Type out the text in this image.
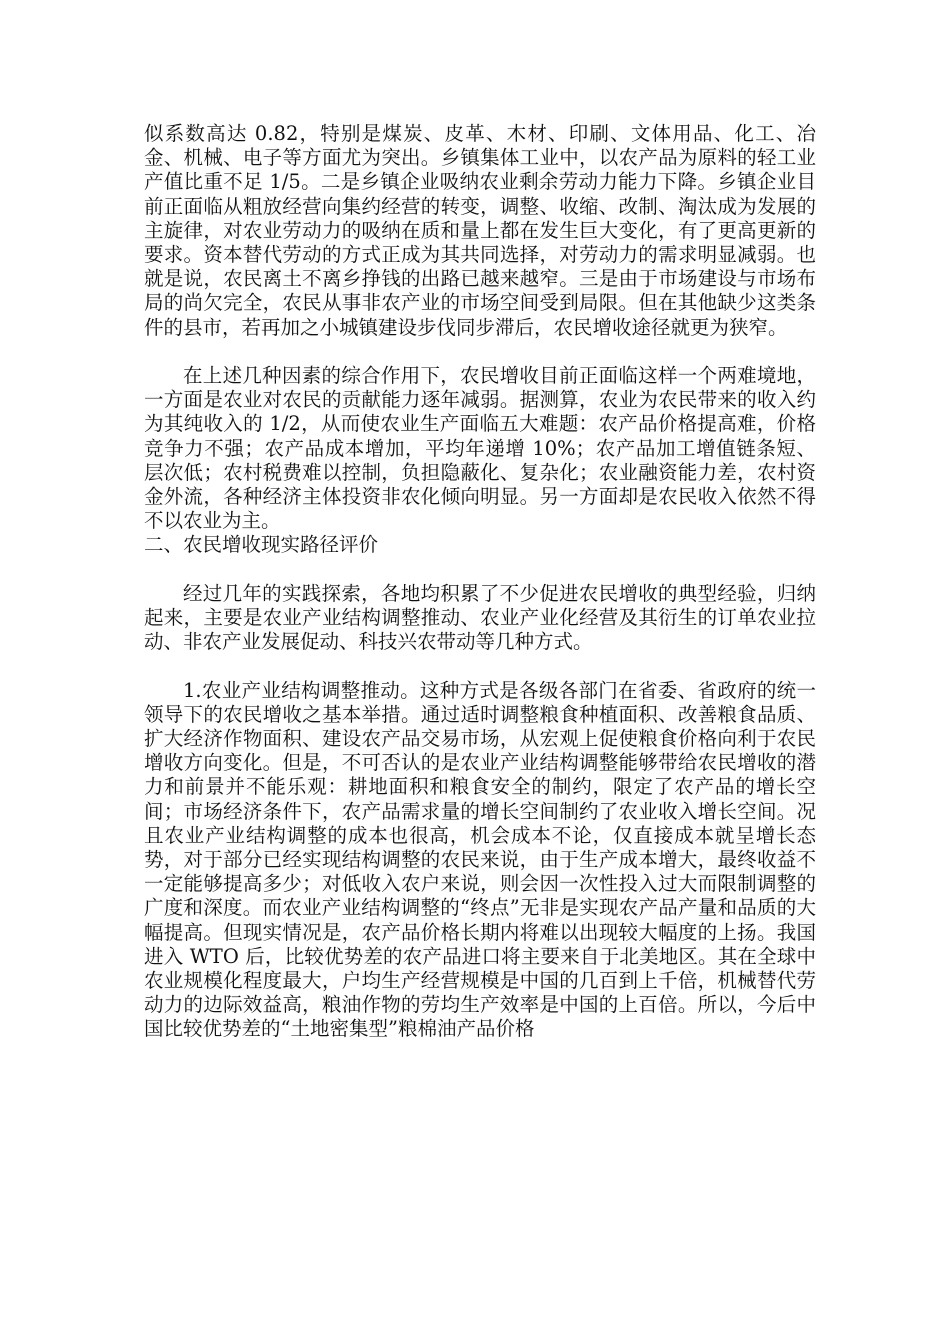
似系数高达 0.82，特别是煤炭、皮革、木材、印刷、文体用品、化工、冶金、机械、电子等方面尤为突出。乡镇集体工业中，以农产品为原料的轻工业产值比重不足 1/5。二是乡镇企业吸纳农业剩余劳动力能力下降。乡镇企业目前正面临从粗放经营向集约经营的转变，调整、收缩、改制、淘汰成为发展的主旋律，对农业劳动力的吸纳在质和量上都在发生巨大变化，有了更高更新的要求。资本替代劳动的方式正成为其共同选择，对劳动力的需求明显减弱。也就是说，农民离土不离乡挣钱的出路已越来越窄。三是由于市场建设与市场布局的尚欠完全，农民从事非农产业的市场空间受到局限。但在其他缺少这类条件的县市，若再加之小城镇建设步伐同步滞后，农民增收途径就更为狭窄。

在上述几种因素的综合作用下，农民增收目前正面临这样一个两难境地，一方面是农业对农民的贡献能力逐年减弱。据测算，农业为农民带来的收入约为其纯收入的 1/2，从而使农业生产面临五大难题：农产品价格提高难，价格竞争力不强；农产品成本增加，平均年递增 10%；农产品加工增值链条短、层次低；农村税费难以控制，负担隐蔽化、复杂化；农业融资能力差，农村资金外流，各种经济主体投资非农化倾向明显。另一方面却是农民收入依然不得不以农业为主。

二、农民增收现实路径评价

经过几年的实践探索，各地均积累了不少促进农民增收的典型经验，归纳起来，主要是农业产业结构调整推动、农业产业化经营及其衍生的订单农业拉动、非农产业发展促动、科技兴农带动等几种方式。

1.农业产业结构调整推动。这种方式是各级各部门在省委、省政府的统一领导下的农民增收之基本举措。通过适时调整粮食种植面积、改善粮食品质、扩大经济作物面积、建设农产品交易市场，从宏观上促使粮食价格向利于农民增收方向变化。但是，不可否认的是农业产业结构调整能够带给农民增收的潜力和前景并不能乐观：耕地面积和粮食安全的制约，限定了农产品的增长空间；市场经济条件下，农产品需求量的增长空间制约了农业收入增长空间。况且农业产业结构调整的成本也很高，机会成本不论，仅直接成本就呈增长态势，对于部分已经实现结构调整的农民来说，由于生产成本增大，最终收益不一定能够提高多少；对低收入农户来说，则会因一次性投入过大而限制调整的广度和深度。而农业产业结构调整的“终点”无非是实现农产品产量和品质的大幅提高。但现实情况是，农产品价格长期内将难以出现较大幅度的上扬。我国进入 WTO 后，比较优势差的农产品进口将主要来自于北美地区。其在全球中农业规模化程度最大，户均生产经营规模是中国的几百到上千倍，机械替代劳动力的边际效益高，粮油作物的劳均生产效率是中国的上百倍。所以，今后中国比较优势差的“土地密集型”粮棉油产品价格
